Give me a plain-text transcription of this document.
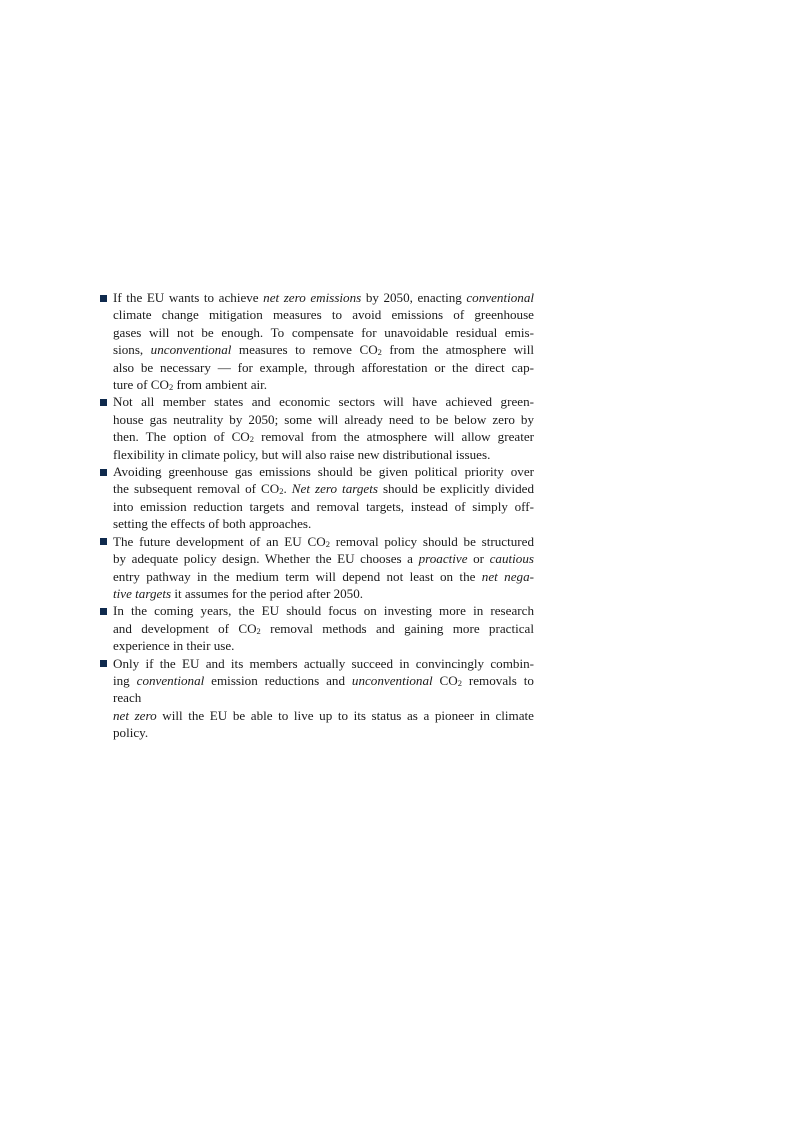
If the EU wants to achieve net zero emissions by 2050, enacting conventional
climate change mitigation measures to avoid emissions of greenhouse
gases will not be enough. To compensate for unavoidable residual emis-
sions, unconventional measures to remove $CO_2$ from the atmosphere will
also be necessary — for example, through afforestation or the direct cap-
ture of $CO_2$ from ambient air.
Not all member states and economic sectors will have achieved green-
house gas neutrality by 2050; some will already need to be below zero by
then. The option of $CO_2$ removal from the atmosphere will allow greater
flexibility in climate policy, but will also raise new distributional issues.
Avoiding greenhouse gas emissions should be given political priority over
the subsequent removal of $CO_2$. Net zero targets should be explicitly divided
into emission reduction targets and removal targets, instead of simply off-
setting the effects of both approaches.
The future development of an EU $CO_2$ removal policy should be structured
by adequate policy design. Whether the EU chooses a proactive or cautious
entry pathway in the medium term will depend not least on the net nega-
tive targets it assumes for the period after 2050.
In the coming years, the EU should focus on investing more in research
and development of $CO_2$ removal methods and gaining more practical
experience in their use.
Only if the EU and its members actually succeed in convincingly combin-
ing conventional emission reductions and unconventional $CO_2$ removals to reach
net zero will the EU be able to live up to its status as a pioneer in climate
policy.
